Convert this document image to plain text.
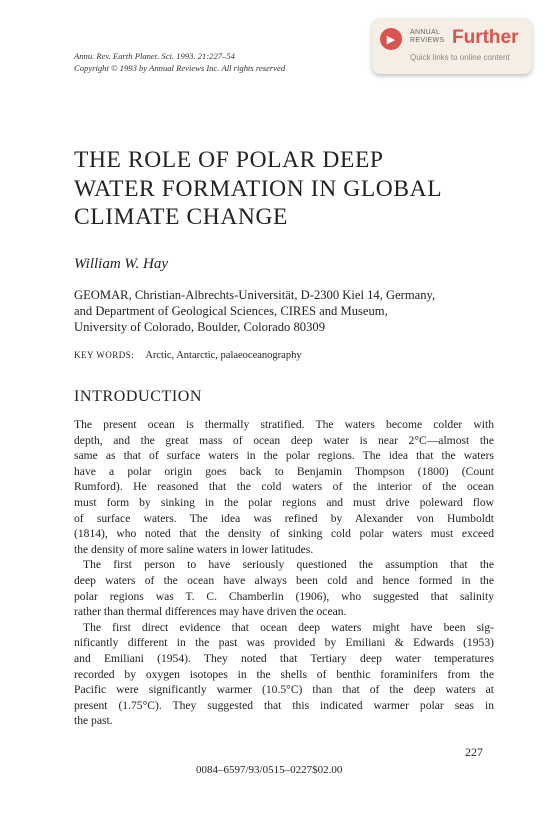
Annu. Rev. Earth Planet. Sci. 1993. 21:227–54
Copyright © 1993 by Annual Reviews Inc. All rights reserved
▶ ANNUAL
REVIEWS Further
Quick links to online content
THE ROLE OF POLAR DEEP
WATER FORMATION IN GLOBAL
CLIMATE CHANGE
William W. Hay
GEOMAR, Christian-Albrechts-Universität, D-2300 Kiel 14, Germany,
and Department of Geological Sciences, CIRES and Museum,
University of Colorado, Boulder, Colorado 80309
KEY WORDS: Arctic, Antarctic, palaeoceanography
INTRODUCTION
The present ocean is thermally stratified. The waters become colder with
depth, and the great mass of ocean deep water is near 2°C—almost the
same as that of surface waters in the polar regions. The idea that the waters
have a polar origin goes back to Benjamin Thompson (1800) (Count
Rumford). He reasoned that the cold waters of the interior of the ocean
must form by sinking in the polar regions and must drive poleward flow
of surface waters. The idea was refined by Alexander von Humboldt
(1814), who noted that the density of sinking cold polar waters must exceed
the density of more saline waters in lower latitudes.
The first person to have seriously questioned the assumption that the
deep waters of the ocean have always been cold and hence formed in the
polar regions was T. C. Chamberlin (1906), who suggested that salinity
rather than thermal differences may have driven the ocean.
The first direct evidence that ocean deep waters might have been sig-
nificantly different in the past was provided by Emiliani & Edwards (1953)
and Emiliani (1954). They noted that Tertiary deep water temperatures
recorded by oxygen isotopes in the shells of benthic foraminifers from the
Pacific were significantly warmer (10.5°C) than that of the deep waters at
present (1.75°C). They suggested that this indicated warmer polar seas in
the past.
227
0084–6597/93/0515–0227$02.00
